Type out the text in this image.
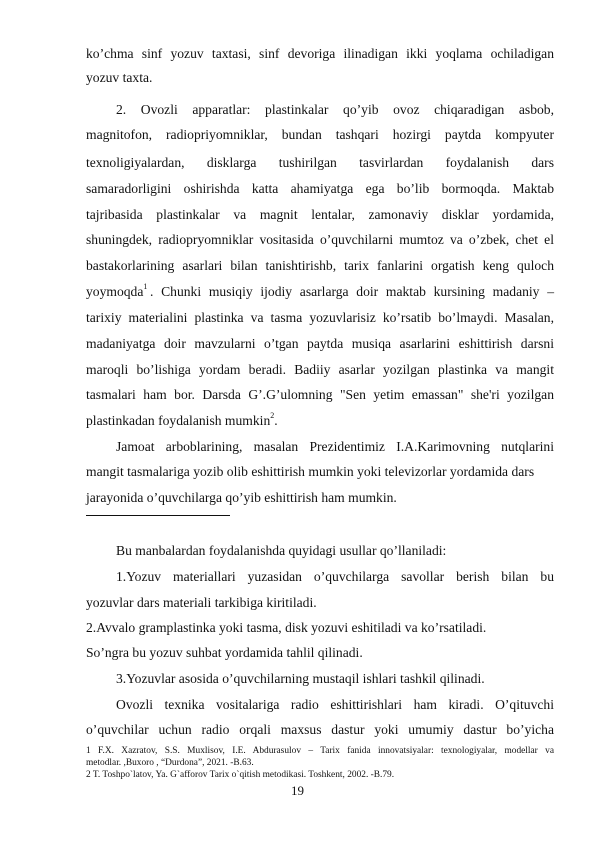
ko’chma sinf yozuv taxtasi, sinf devoriga ilinadigan ikki yoqlama ochiladigan
yozuv taxta.
2. Ovozli apparatlar: plastinkalar qo’yib ovoz chiqaradigan asbob,
magnitofon, radiopriyomniklar, bundan tashqari hozirgi paytda kompyuter
texnoligiyalardan, disklarga tushirilgan tasvirlardan foydalanish dars
samaradorligini oshirishda katta ahamiyatga ega bo’lib bormoqda. Maktab
tajribasida plastinkalar va magnit lentalar, zamonaviy disklar yordamida,
shuningdek, radiopryomniklar vositasida o’quvchilarni mumtoz va o’zbek, chet el
bastakorlarining asarlari bilan tanishtirishb, tarix fanlarini orgatish keng quloch
yoymoqda$^1$ . Chunki musiqiy ijodiy asarlarga doir maktab kursining madaniy –
tarixiy materialini plastinka va tasma yozuvlarisiz ko’rsatib bo’lmaydi. Masalan,
madaniyatga doir mavzularni o’tgan paytda musiqa asarlarini eshittirish darsni
maroqli bo’lishiga yordam beradi. Badiiy asarlar yozilgan plastinka va mangit
tasmalari ham bor. Darsda G’.G’ulomning "Sen yetim emassan" she'ri yozilgan
plastinkadan foydalanish mumkin$^2$.
Jamoat arboblarining, masalan Prezidentimiz I.A.Karimovning nutqlarini
mangit tasmalariga yozib olib eshittirish mumkin yoki televizorlar yordamida dars
jarayonida o’quvchilarga qo’yib eshittirish ham mumkin.
Bu manbalardan foydalanishda quyidagi usullar qo’llaniladi:
1.Yozuv materiallari yuzasidan o’quvchilarga savollar berish bilan bu
yozuvlar dars materiali tarkibiga kiritiladi.
2.Avvalo gramplastinka yoki tasma, disk yozuvi eshitiladi va ko’rsatiladi.
So’ngra bu yozuv suhbat yordamida tahlil qilinadi.
3.Yozuvlar asosida o’quvchilarning mustaqil ishlari tashkil qilinadi.
Ovozli texnika vositalariga radio eshittirishlari ham kiradi. O’qituvchi
o’quvchilar uchun radio orqali maxsus dastur yoki umumiy dastur bo’yicha
1 F.X. Xazratov, S.S. Muxlisov, I.E. Abdurasulov – Tarix fanida innovatsiyalar: texnologiyalar, modellar va
metodlar. ,Buxoro , “Durdona”, 2021. -B.63.
2 T. Toshpo`latov, Ya. G`afforov Tarix o`qitish metodikasi. Toshkent, 2002. -B.79.
19
